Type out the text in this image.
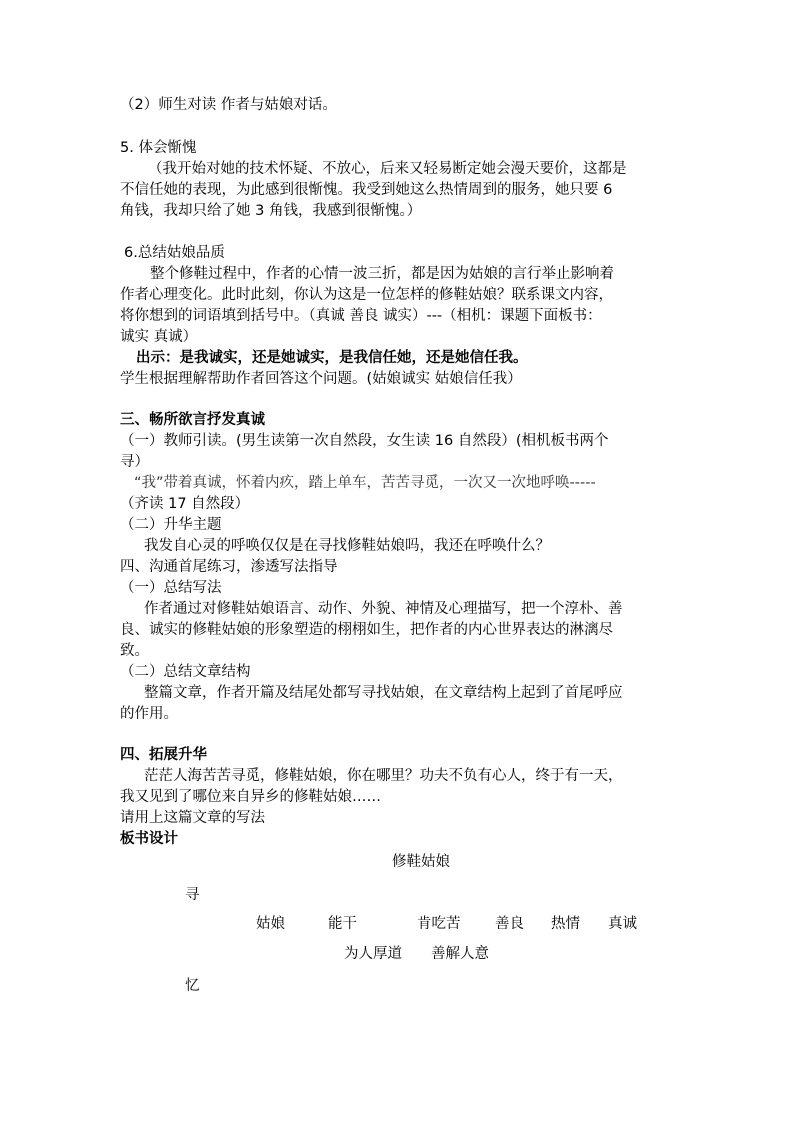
（2）师生对读 作者与姑娘对话。
5. 体会惭愧
（我开始对她的技术怀疑、不放心，后来又轻易断定她会漫天要价，这都是
不信任她的表现，为此感到很惭愧。我受到她这么热情周到的服务，她只要 6
角钱，我却只给了她 3 角钱，我感到很惭愧。）
6.总结姑娘品质
整个修鞋过程中，作者的心情一波三折，都是因为姑娘的言行举止影响着
作者心理变化。此时此刻，你认为这是一位怎样的修鞋姑娘？联系课文内容，
将你想到的词语填到括号中。（真诚 善良 诚实）---（相机：课题下面板书：
诚实 真诚）
出示：是我诚实，还是她诚实，是我信任她，还是她信任我。
学生根据理解帮助作者回答这个问题。(姑娘诚实 姑娘信任我）
三、畅所欲言抒发真诚
（一）教师引读。(男生读第一次自然段，女生读 16 自然段）(相机板书两个
寻）
“我”带着真诚，怀着内疚，踏上单车，苦苦寻觅，一次又一次地呼唤-----
（齐读 17 自然段）
（二）升华主题
我发自心灵的呼唤仅仅是在寻找修鞋姑娘吗，我还在呼唤什么？
四、沟通首尾练习，渗透写法指导
（一）总结写法
作者通过对修鞋姑娘语言、动作、外貌、神情及心理描写，把一个淳朴、善
良、诚实的修鞋姑娘的形象塑造的栩栩如生，把作者的内心世界表达的淋漓尽
致。
（二）总结文章结构
整篇文章，作者开篇及结尾处都写寻找姑娘，在文章结构上起到了首尾呼应
的作用。
四、拓展升华
茫茫人海苦苦寻觅，修鞋姑娘，你在哪里？功夫不负有心人，终于有一天，
我又见到了哪位来自异乡的修鞋姑娘……
请用上这篇文章的写法
板书设计
修鞋姑娘
寻
姑娘	能干	肯吃苦 善良 热情 真诚
为人厚道 善解人意
忆
